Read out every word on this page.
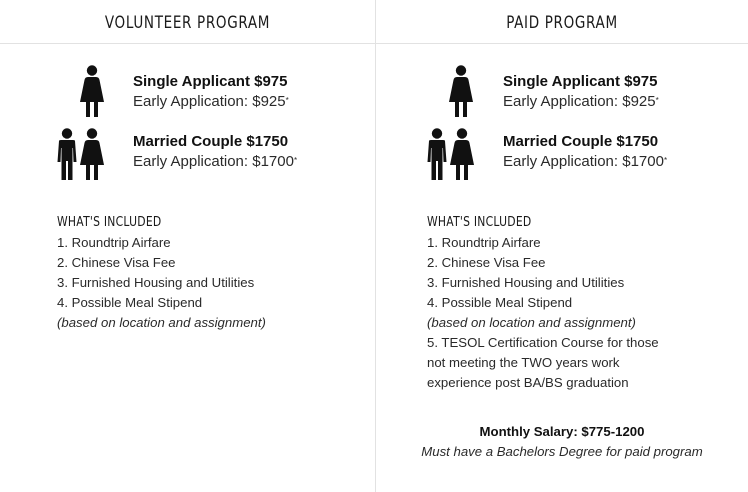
VOLUNTEER PROGRAM
Single Applicant $975
Early Application: $925*
Married Couple $1750
Early Application: $1700*
WHAT'S INCLUDED
1. Roundtrip Airfare
2. Chinese Visa Fee
3. Furnished Housing and Utilities
4. Possible Meal Stipend
(based on location and assignment)
PAID PROGRAM
Single Applicant $975
Early Application: $925*
Married Couple $1750
Early Application: $1700*
WHAT'S INCLUDED
1. Roundtrip Airfare
2. Chinese Visa Fee
3. Furnished Housing and Utilities
4. Possible Meal Stipend
(based on location and assignment)
5. TESOL Certification Course for those
not meeting the TWO years work
experience post BA/BS graduation
Monthly Salary: $775-1200
Must have a Bachelors Degree for paid program
